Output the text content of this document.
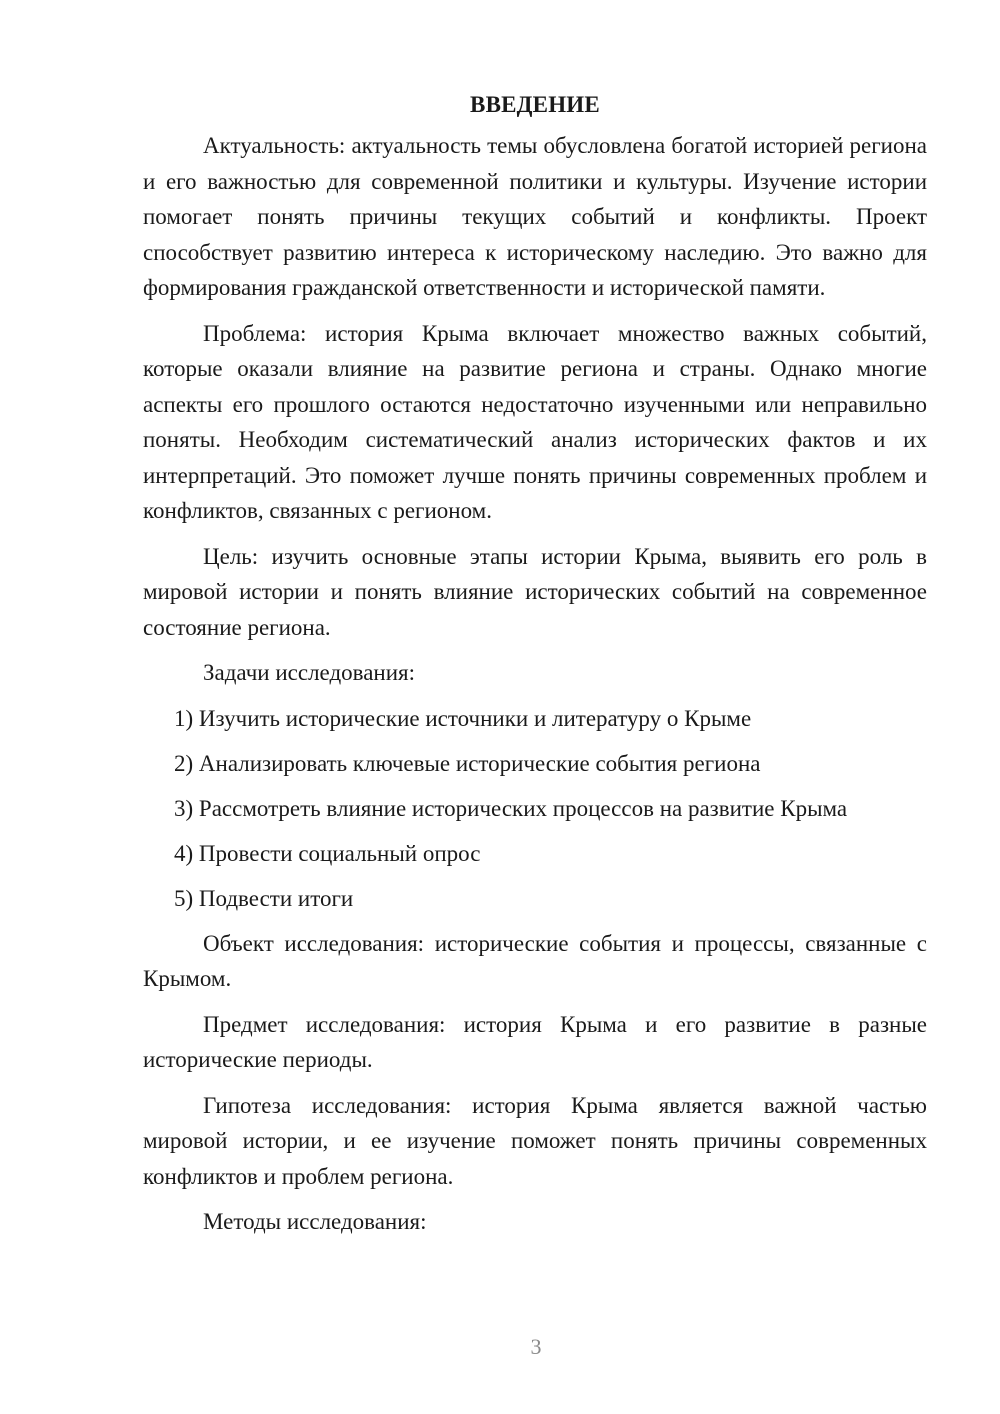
ВВЕДЕНИЕ

Актуальность: актуальность темы обусловлена богатой историей региона и его важностью для современной политики и культуры. Изучение истории помогает понять причины текущих событий и конфликты. Проект способствует развитию интереса к историческому наследию. Это важно для формирования гражданской ответственности и исторической памяти.

Проблема: история Крыма включает множество важных событий, которые оказали влияние на развитие региона и страны. Однако многие аспекты его прошлого остаются недостаточно изученными или неправильно поняты. Необходим систематический анализ исторических фактов и их интерпретаций. Это поможет лучше понять причины современных проблем и конфликтов, связанных с регионом.

Цель: изучить основные этапы истории Крыма, выявить его роль в мировой истории и понять влияние исторических событий на современное состояние региона.

Задачи исследования:

1) Изучить исторические источники и литературу о Крыме
2) Анализировать ключевые исторические события региона
3) Рассмотреть влияние исторических процессов на развитие Крыма
4) Провести социальный опрос
5) Подвести итоги

Объект исследования: исторические события и процессы, связанные с Крымом.

Предмет исследования: история Крыма и его развитие в разные исторические периоды.

Гипотеза исследования: история Крыма является важной частью мировой истории, и ее изучение поможет понять причины современных конфликтов и проблем региона.

Методы исследования:

3
